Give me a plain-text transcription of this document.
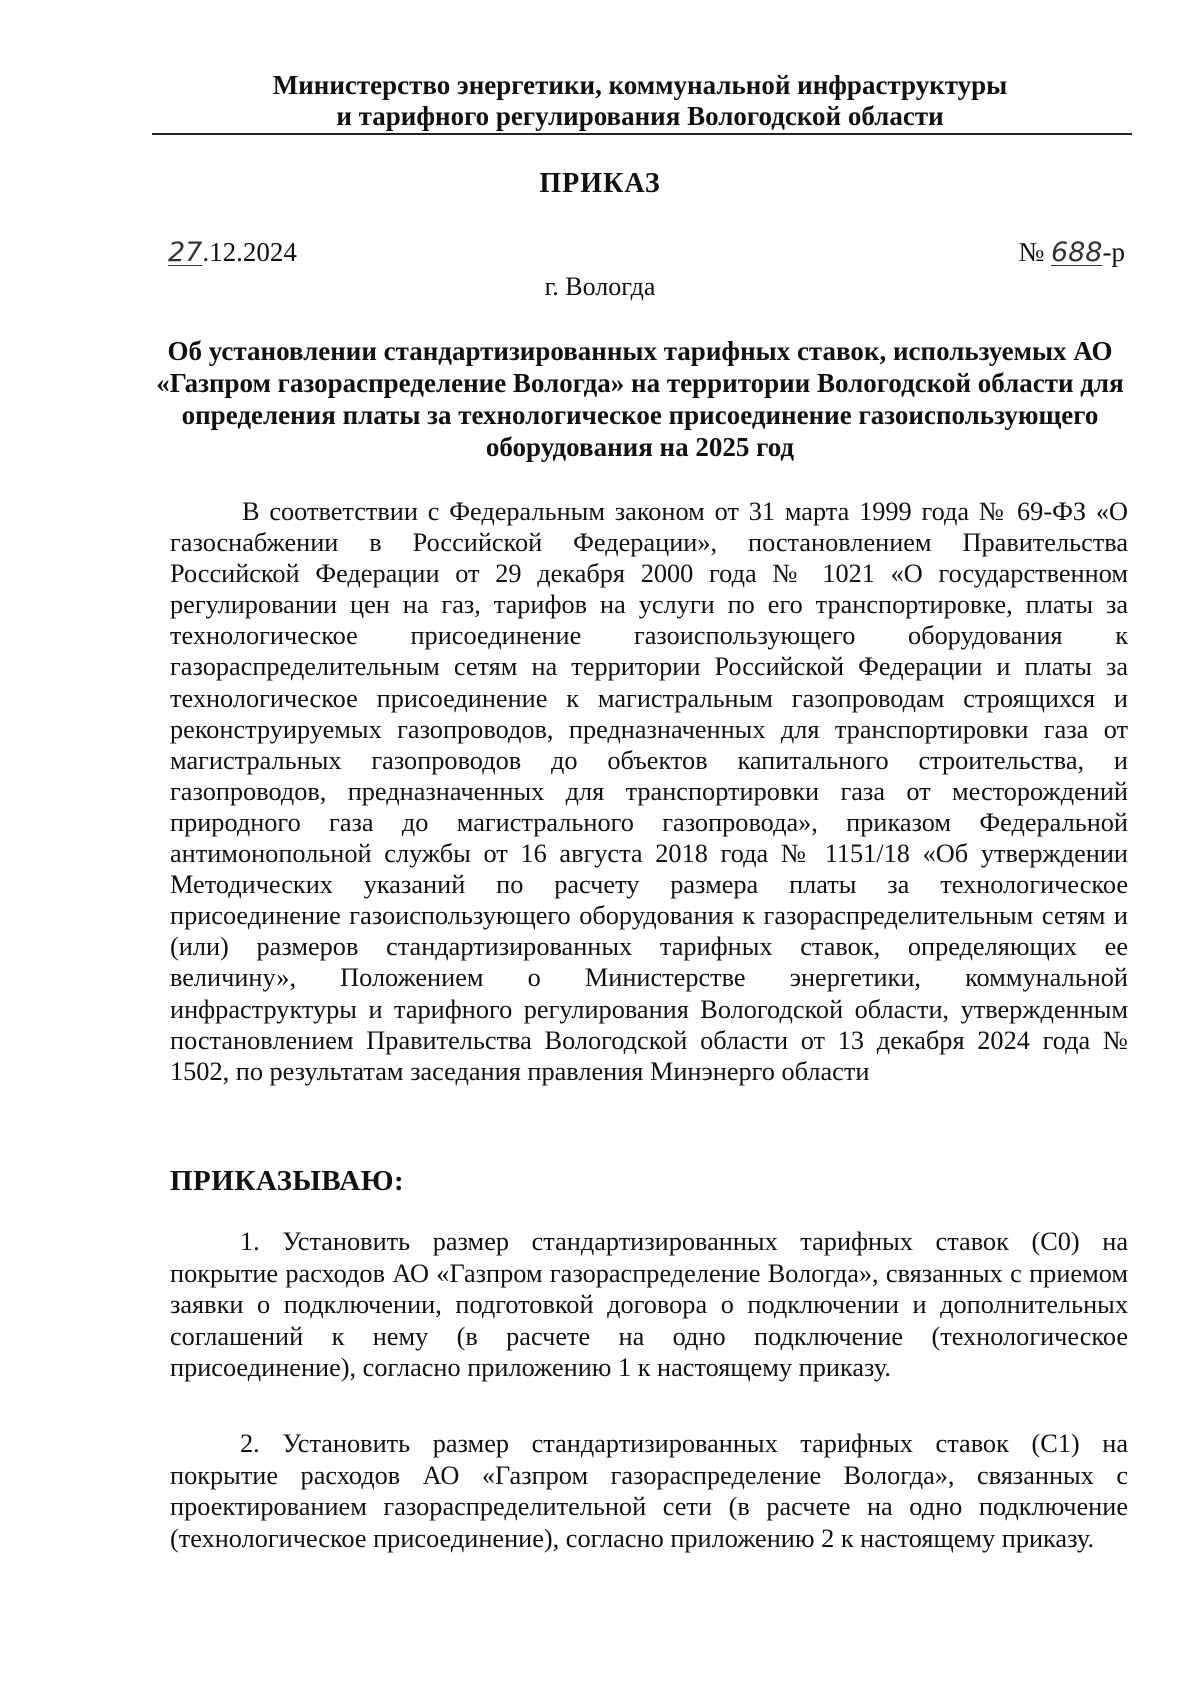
Министерство энергетики, коммунальной инфраструктуры
и тарифного регулирования Вологодской области
ПРИКАЗ
27.12.2024	№ 688-р
г. Вологда
Об установлении стандартизированных тарифных ставок, используемых АО «Газпром газораспределение Вологда» на территории Вологодской области для определения платы за технологическое присоединение газоиспользующего оборудования на 2025 год
В соответствии с Федеральным законом от 31 марта 1999 года № 69-ФЗ «О газоснабжении в Российской Федерации», постановлением Правительства Российской Федерации от 29 декабря 2000 года № 1021 «О государственном регулировании цен на газ, тарифов на услуги по его транспортировке, платы за технологическое присоединение газоиспользующего оборудования к газораспределительным сетям на территории Российской Федерации и платы за технологическое присоединение к магистральным газопроводам строящихся и реконструируемых газопроводов, предназначенных для транспортировки газа от магистральных газопроводов до объектов капитального строительства, и газопроводов, предназначенных для транспортировки газа от месторождений природного газа до магистрального газопровода», приказом Федеральной антимонопольной службы от 16 августа 2018 года № 1151/18 «Об утверждении Методических указаний по расчету размера платы за технологическое присоединение газоиспользующего оборудования к газораспределительным сетям и (или) размеров стандартизированных тарифных ставок, определяющих ее величину», Положением о Министерстве энергетики, коммунальной инфраструктуры и тарифного регулирования Вологодской области, утвержденным постановлением Правительства Вологодской области от 13 декабря 2024 года № 1502, по результатам заседания правления Минэнерго области
ПРИКАЗЫВАЮ:
1. Установить размер стандартизированных тарифных ставок (С0) на покрытие расходов АО «Газпром газораспределение Вологда», связанных с приемом заявки о подключении, подготовкой договора о подключении и дополнительных соглашений к нему (в расчете на одно подключение (технологическое присоединение), согласно приложению 1 к настоящему приказу.
2. Установить размер стандартизированных тарифных ставок (С1) на покрытие расходов АО «Газпром газораспределение Вологда», связанных с проектированием газораспределительной сети (в расчете на одно подключение (технологическое присоединение), согласно приложению 2 к настоящему приказу.
